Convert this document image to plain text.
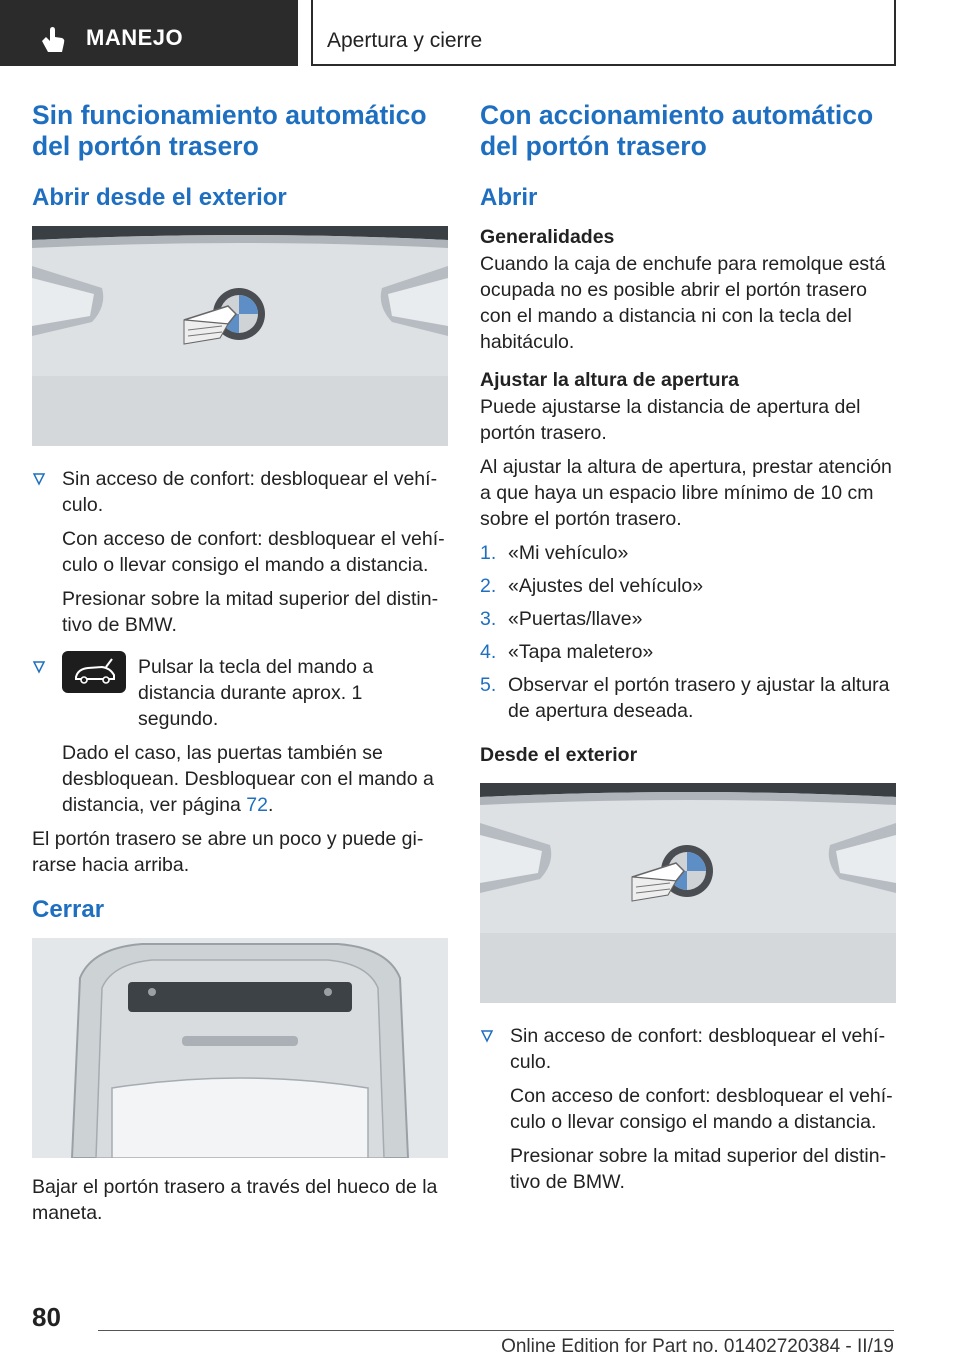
MANEJO	Apertura y cierre
Sin funcionamiento automático del portón trasero
Abrir desde el exterior

Sin acceso de confort: desbloquear el vehículo.

Con acceso de confort: desbloquear el vehículo o llevar consigo el mando a distancia.

Presionar sobre la mitad superior del distintivo de BMW.

Pulsar la tecla del mando a distancia durante aprox. 1 segundo.

Dado el caso, las puertas también se desbloquean. Desbloquear con el mando a distancia, ver página 72.

El portón trasero se abre un poco y puede girarse hacia arriba.

Cerrar

Bajar el portón trasero a través del hueco de la maneta.

Con accionamiento automático del portón trasero
Abrir
Generalidades

Cuando la caja de enchufe para remolque está ocupada no es posible abrir el portón trasero con el mando a distancia ni con la tecla del habitáculo.

Ajustar la altura de apertura

Puede ajustarse la distancia de apertura del portón trasero.

Al ajustar la altura de apertura, prestar atención a que haya un espacio libre mínimo de 10 cm sobre el portón trasero.

1. «Mi vehículo»
2. «Ajustes del vehículo»
3. «Puertas/llave»
4. «Tapa maletero»
5. Observar el portón trasero y ajustar la altura de apertura deseada.
Desde el exterior

Sin acceso de confort: desbloquear el vehículo.

Con acceso de confort: desbloquear el vehículo o llevar consigo el mando a distancia.

Presionar sobre la mitad superior del distintivo de BMW.

80
Online Edition for Part no. 01402720384 - II/19
